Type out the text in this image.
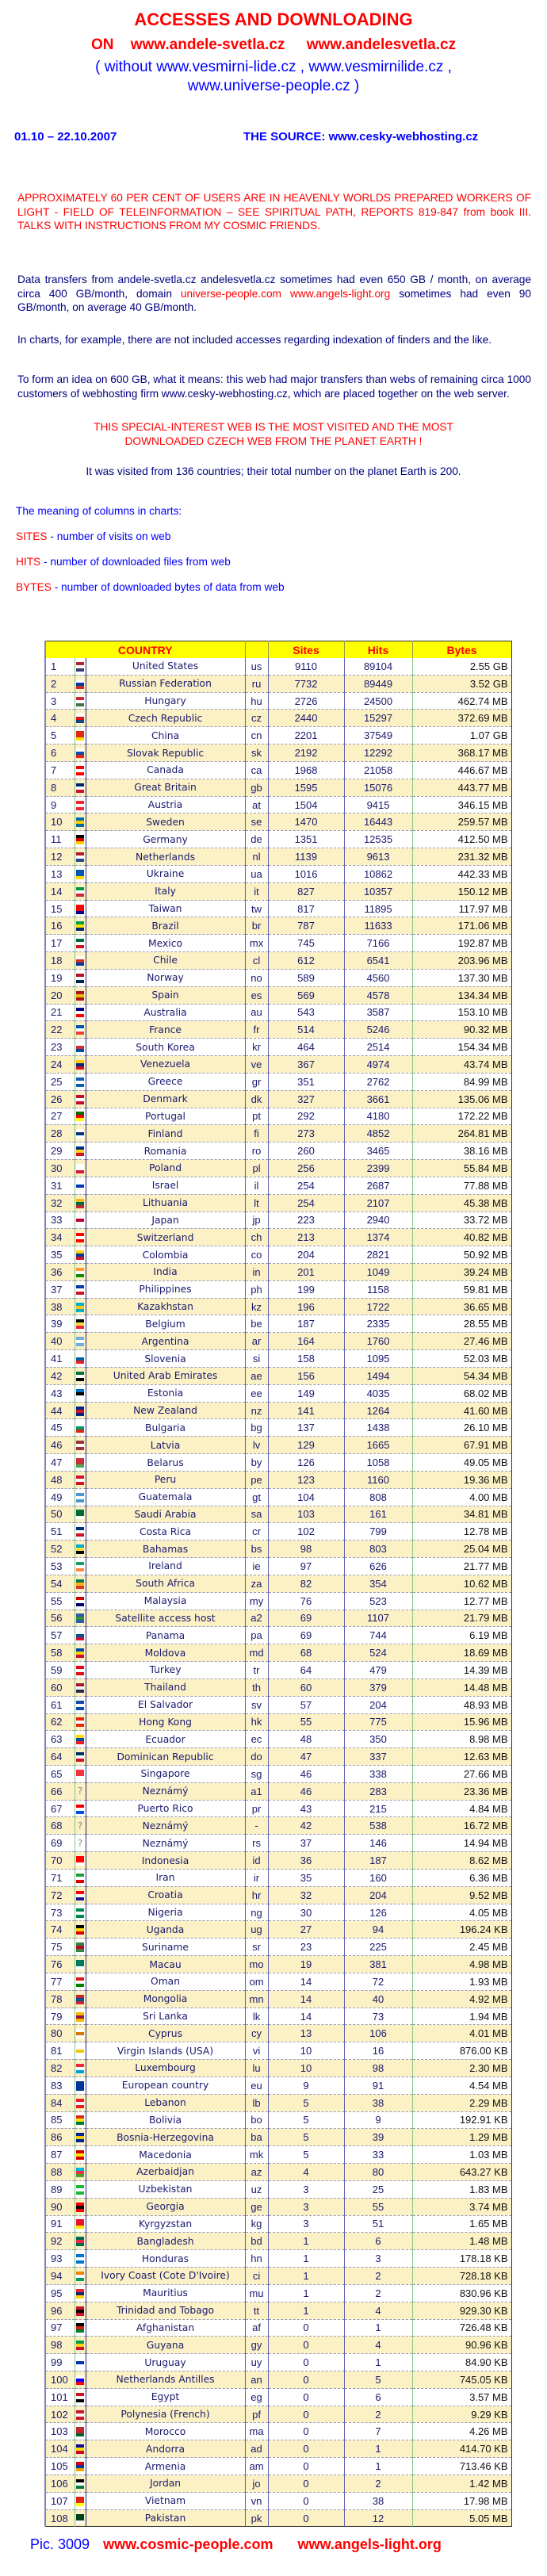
ACCESSES AND DOWNLOADING
ON www.andele-svetla.cz www.andelesvetla.cz
( without www.vesmirni-lide.cz , www.vesmirnilide.cz ,
www.universe-people.cz )
01.10 – 22.10.2007	THE SOURCE: www.cesky-webhosting.cz
APPROXIMATELY 60 PER CENT OF USERS ARE IN HEAVENLY WORLDS PREPARED WORKERS OF LIGHT - FIELD OF TELEINFORMATION – SEE SPIRITUAL PATH, REPORTS 819-847 from book III. TALKS WITH INSTRUCTIONS FROM MY COSMIC FRIENDS.
Data transfers from andele-svetla.cz andelesvetla.cz sometimes had even 650 GB / month, on average circa 400 GB/month, domain universe-people.com www.angels-light.org sometimes had even 90 GB/month, on average 40 GB/month.
In charts, for example, there are not included accesses regarding indexation of finders and the like.
To form an idea on 600 GB, what it means: this web had major transfers than webs of remaining circa 1000 customers of webhosting firm www.cesky-webhosting.cz, which are placed together on the web server.
THIS SPECIAL-INTEREST WEB IS THE MOST VISITED AND THE MOST
DOWNLOADED CZECH WEB FROM THE PLANET EARTH !
It was visited from 136 countries; their total number on the planet Earth is 200.
The meaning of columns in charts:
SITES - number of visits on web
HITS - number of downloaded files from web
BYTES - number of downloaded bytes of data from web
COUNTRY				Sites	Hits	Bytes
1		United States	us	9110	89104	2.55 GB
2		Russian Federation	ru	7732	89449	3.52 GB
3		Hungary	hu	2726	24500	462.74 MB
4		Czech Republic	cz	2440	15297	372.69 MB
5		China	cn	2201	37549	1.07 GB
6		Slovak Republic	sk	2192	12292	368.17 MB
7		Canada	ca	1968	21058	446.67 MB
8		Great Britain	gb	1595	15076	443.77 MB
9		Austria	at	1504	9415	346.15 MB
10		Sweden	se	1470	16443	259.57 MB
11		Germany	de	1351	12535	412.50 MB
12		Netherlands	nl	1139	9613	231.32 MB
13		Ukraine	ua	1016	10862	442.33 MB
14		Italy	it	827	10357	150.12 MB
15		Taiwan	tw	817	11895	117.97 MB
16		Brazil	br	787	11633	171.06 MB
17		Mexico	mx	745	7166	192.87 MB
18		Chile	cl	612	6541	203.96 MB
19		Norway	no	589	4560	137.30 MB
20		Spain	es	569	4578	134.34 MB
21		Australia	au	543	3587	153.10 MB
22		France	fr	514	5246	90.32 MB
23		South Korea	kr	464	2514	154.34 MB
24		Venezuela	ve	367	4974	43.74 MB
25		Greece	gr	351	2762	84.99 MB
26		Denmark	dk	327	3661	135.06 MB
27		Portugal	pt	292	4180	172.22 MB
28		Finland	fi	273	4852	264.81 MB
29		Romania	ro	260	3465	38.16 MB
30		Poland	pl	256	2399	55.84 MB
31		Israel	il	254	2687	77.88 MB
32		Lithuania	lt	254	2107	45.38 MB
33		Japan	jp	223	2940	33.72 MB
34		Switzerland	ch	213	1374	40.82 MB
35		Colombia	co	204	2821	50.92 MB
36		India	in	201	1049	39.24 MB
37		Philippines	ph	199	1158	59.81 MB
38		Kazakhstan	kz	196	1722	36.65 MB
39		Belgium	be	187	2335	28.55 MB
40		Argentina	ar	164	1760	27.46 MB
41		Slovenia	si	158	1095	52.03 MB
42		United Arab Emirates	ae	156	1494	54.34 MB
43		Estonia	ee	149	4035	68.02 MB
44		New Zealand	nz	141	1264	41.60 MB
45		Bulgaria	bg	137	1438	26.10 MB
46		Latvia	lv	129	1665	67.91 MB
47		Belarus	by	126	1058	49.05 MB
48		Peru	pe	123	1160	19.36 MB
49		Guatemala	gt	104	808	4.00 MB
50		Saudi Arabia	sa	103	161	34.81 MB
51		Costa Rica	cr	102	799	12.78 MB
52		Bahamas	bs	98	803	25.04 MB
53		Ireland	ie	97	626	21.77 MB
54		South Africa	za	82	354	10.62 MB
55		Malaysia	my	76	523	12.77 MB
56		Satellite access host	a2	69	1107	21.79 MB
57		Panama	pa	69	744	6.19 MB
58		Moldova	md	68	524	18.69 MB
59		Turkey	tr	64	479	14.39 MB
60		Thailand	th	60	379	14.48 MB
61		El Salvador	sv	57	204	48.93 MB
62		Hong Kong	hk	55	775	15.96 MB
63		Ecuador	ec	48	350	8.98 MB
64		Dominican Republic	do	47	337	12.63 MB
65		Singapore	sg	46	338	27.66 MB
66	?	Neznámý	a1	46	283	23.36 MB
67		Puerto Rico	pr	43	215	4.84 MB
68	?	Neznámý	-	42	538	16.72 MB
69	?	Neznámý	rs	37	146	14.94 MB
70		Indonesia	id	36	187	8.62 MB
71		Iran	ir	35	160	6.36 MB
72		Croatia	hr	32	204	9.52 MB
73		Nigeria	ng	30	126	4.05 MB
74		Uganda	ug	27	94	196.24 KB
75		Suriname	sr	23	225	2.45 MB
76		Macau	mo	19	381	4.98 MB
77		Oman	om	14	72	1.93 MB
78		Mongolia	mn	14	40	4.92 MB
79		Sri Lanka	lk	14	73	1.94 MB
80		Cyprus	cy	13	106	4.01 MB
81		Virgin Islands (USA)	vi	10	16	876.00 KB
82		Luxembourg	lu	10	98	2.30 MB
83		European country	eu	9	91	4.54 MB
84		Lebanon	lb	5	38	2.29 MB
85		Bolivia	bo	5	9	192.91 KB
86		Bosnia-Herzegovina	ba	5	39	1.29 MB
87		Macedonia	mk	5	33	1.03 MB
88		Azerbaidjan	az	4	80	643.27 KB
89		Uzbekistan	uz	3	25	1.83 MB
90		Georgia	ge	3	55	3.74 MB
91		Kyrgyzstan	kg	3	51	1.65 MB
92		Bangladesh	bd	1	6	1.48 MB
93		Honduras	hn	1	3	178.18 KB
94		Ivory Coast (Cote D'Ivoire)	ci	1	2	728.18 KB
95		Mauritius	mu	1	2	830.96 KB
96		Trinidad and Tobago	tt	1	4	929.30 KB
97		Afghanistan	af	0	1	726.48 KB
98		Guyana	gy	0	4	90.96 KB
99		Uruguay	uy	0	1	84.90 KB
100		Netherlands Antilles	an	0	5	745.05 KB
101		Egypt	eg	0	6	3.57 MB
102		Polynesia (French)	pf	0	2	9.29 KB
103		Morocco	ma	0	7	4.26 MB
104		Andorra	ad	0	1	414.70 KB
105		Armenia	am	0	1	713.46 KB
106		Jordan	jo	0	2	1.42 MB
107		Vietnam	vn	0	38	17.98 MB
108		Pakistan	pk	0	12	5.05 MB
Pic. 3009 www.cosmic-people.com www.angels-light.org
